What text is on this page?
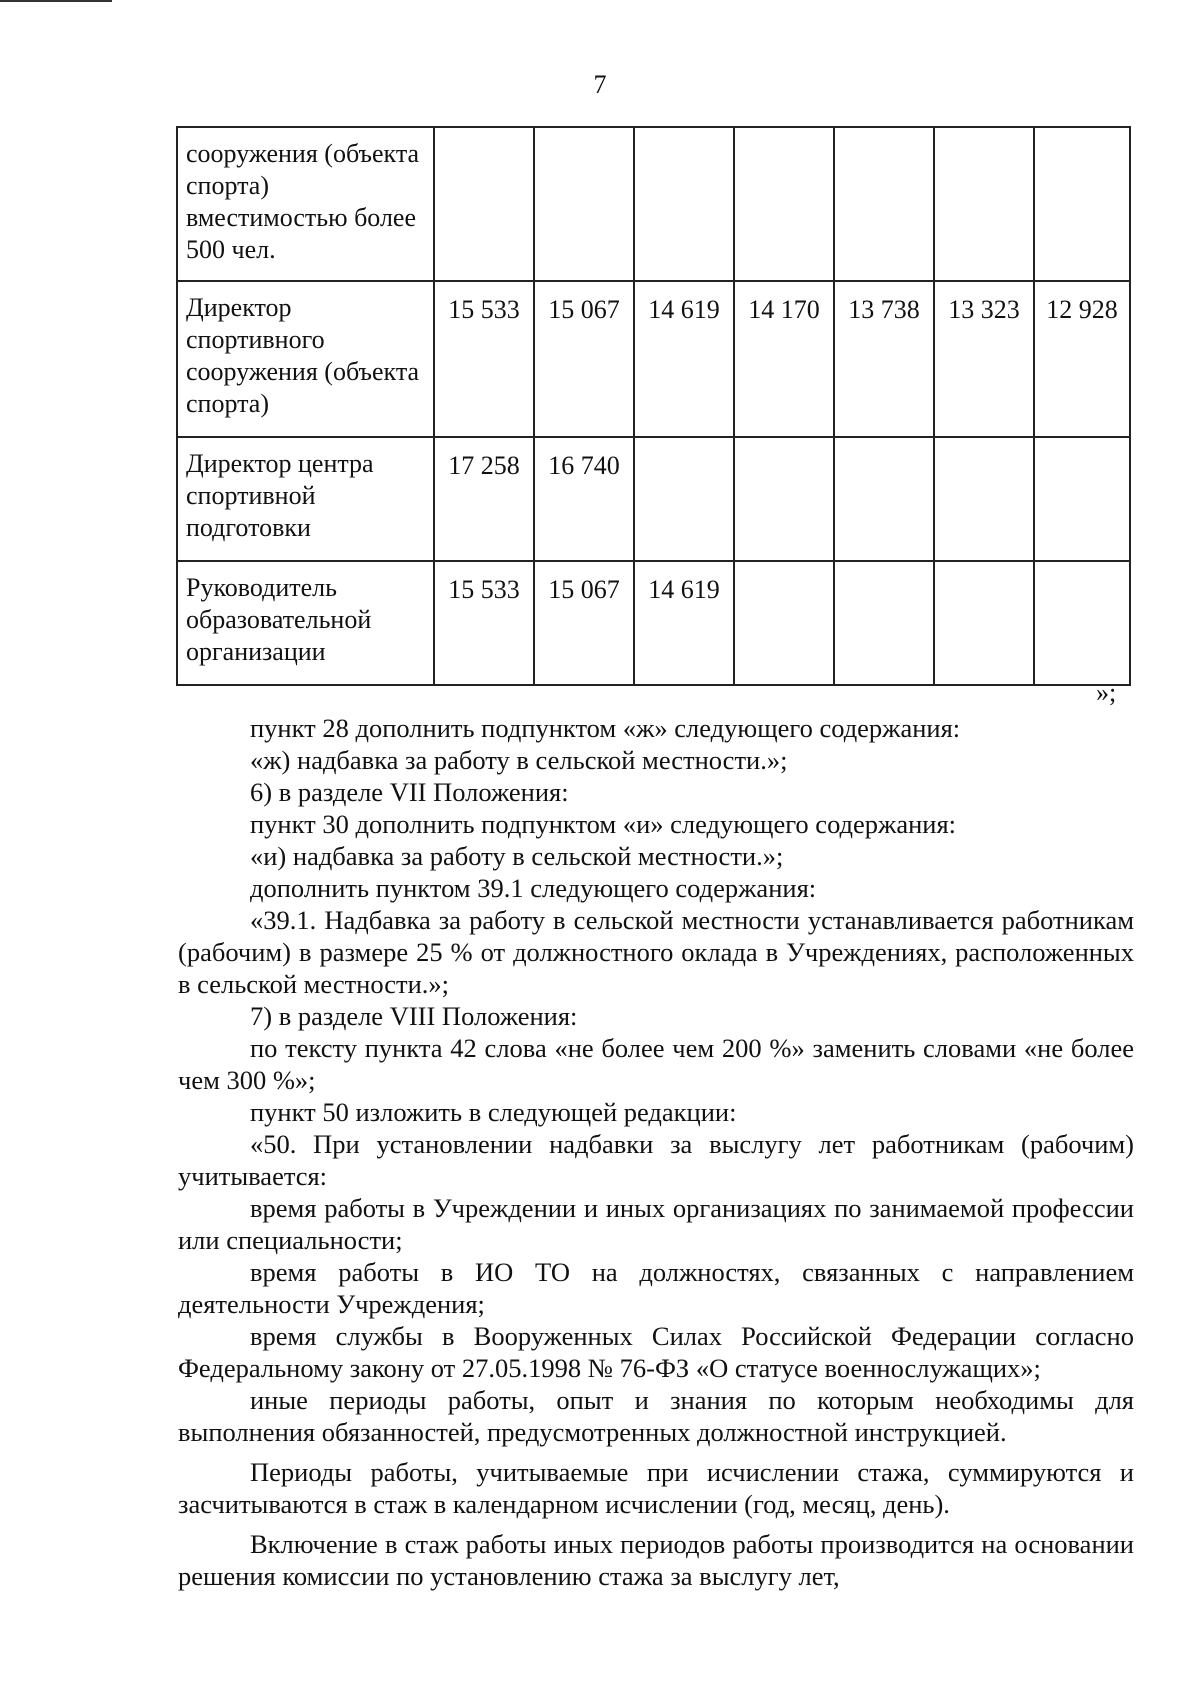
7
сооружения (объекта спорта) вместимостью более 500 чел.							
Директор спортивного сооружения (объекта спорта)	15 533	15 067	14 619	14 170	13 738	13 323	12 928
Директор центра спортивной подготовки	17 258	16 740					
Руководитель образовательной организации	15 533	15 067	14 619				
»;

пункт 28 дополнить подпунктом «ж» следующего содержания:

«ж) надбавка за работу в сельской местности.»;

6) в разделе VII Положения:

пункт 30 дополнить подпунктом «и» следующего содержания:

«и) надбавка за работу в сельской местности.»;

дополнить пунктом 39.1 следующего содержания:

«39.1. Надбавка за работу в сельской местности устанавливается работникам (рабочим) в размере 25 % от должностного оклада в Учреждениях, расположенных в сельской местности.»;

7) в разделе VIII Положения:

по тексту пункта 42 слова «не более чем 200 %» заменить словами «не более чем 300 %»;

пункт 50 изложить в следующей редакции:

«50. При установлении надбавки за выслугу лет работникам (рабочим) учитывается:

время работы в Учреждении и иных организациях по занимаемой профессии или специальности;

время работы в ИО ТО на должностях, связанных с направлением деятельности Учреждения;

время службы в Вооруженных Силах Российской Федерации согласно Федеральному закону от 27.05.1998 № 76-ФЗ «О статусе военнослужащих»;

иные периоды работы, опыт и знания по которым необходимы для выполнения обязанностей, предусмотренных должностной инструкцией.

Периоды работы, учитываемые при исчислении стажа, суммируются и засчитываются в стаж в календарном исчислении (год, месяц, день).

Включение в стаж работы иных периодов работы производится на основании решения комиссии по установлению стажа за выслугу лет,
